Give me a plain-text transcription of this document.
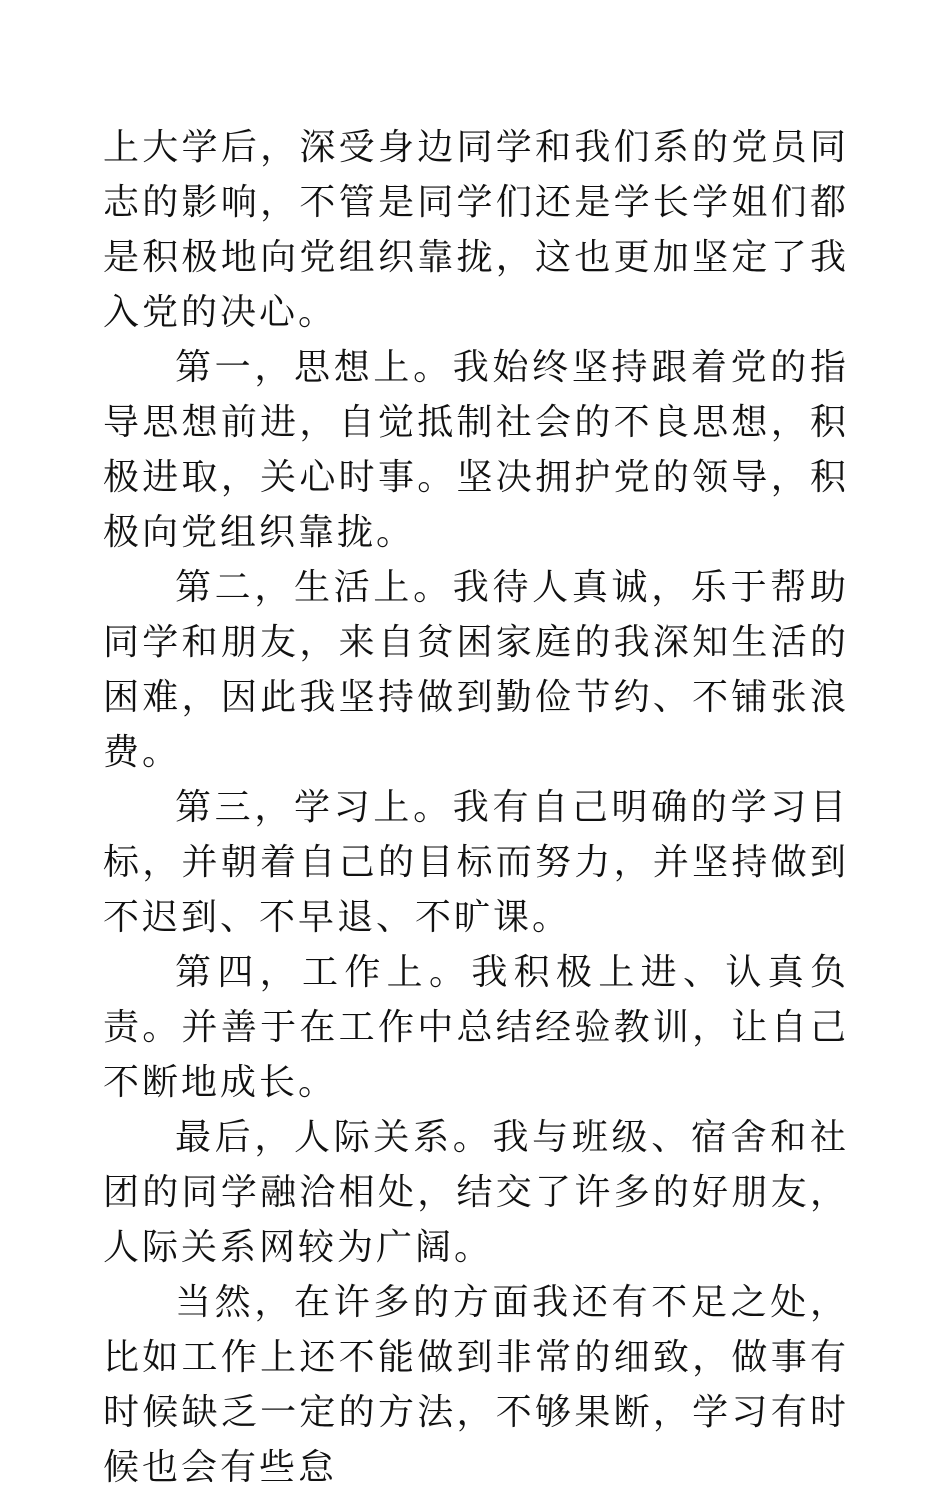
上大学后，深受身边同学和我们系的党员同志的影响，不管是同学们还是学长学姐们都是积极地向党组织靠拢，这也更加坚定了我入党的决心。

第一，思想上。我始终坚持跟着党的指导思想前进，自觉抵制社会的不良思想，积极进取，关心时事。坚决拥护党的领导，积极向党组织靠拢。

第二，生活上。我待人真诚，乐于帮助同学和朋友，来自贫困家庭的我深知生活的困难，因此我坚持做到勤俭节约、不铺张浪费。

第三，学习上。我有自己明确的学习目标，并朝着自己的目标而努力，并坚持做到不迟到、不早退、不旷课。

第四，工作上。我积极上进、认真负责。并善于在工作中总结经验教训，让自己不断地成长。

最后，人际关系。我与班级、宿舍和社团的同学融洽相处，结交了许多的好朋友，人际关系网较为广阔。

当然，在许多的方面我还有不足之处，比如工作上还不能做到非常的细致，做事有时候缺乏一定的方法，不够果断，学习有时候也会有些怠
